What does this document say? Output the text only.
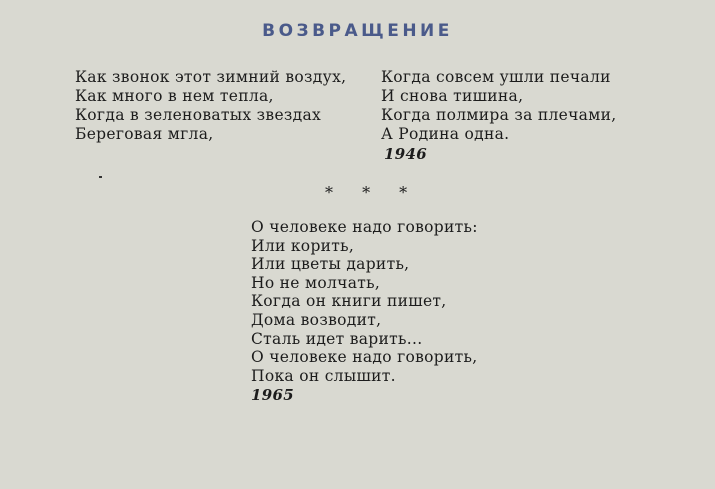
ВОЗВРАЩЕНИЕ
Как звонок этот зимний воздух,
Как много в нем тепла,
Когда в зеленоватых звездах
Береговая мгла,
Когда совсем ушли печали
И снова тишина,
Когда полмира за плечами,
А Родина одна.
1946
* * *
О человеке надо говорить:
Или корить,
Или цветы дарить,
Но не молчать,
Когда он книги пишет,
Дома возводит,
Сталь идет варить...
О человеке надо говорить,
Пока он слышит.
1965
